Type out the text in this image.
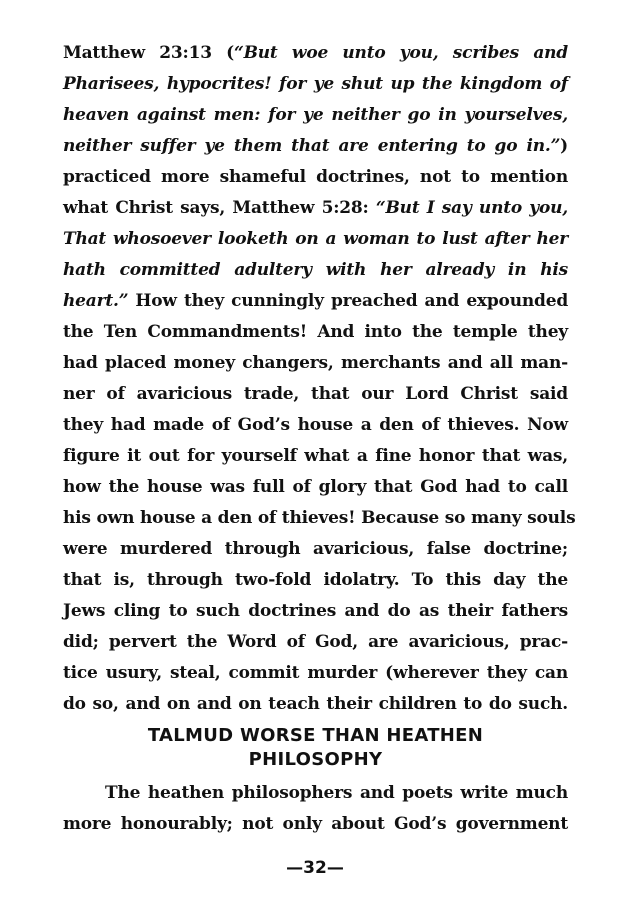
Matthew 23:13 (“But woe unto you, scribes and
Pharisees, hypocrites! for ye shut up the kingdom of
heaven against men: for ye neither go in yourselves,
neither suffer ye them that are entering to go in.”)
practiced more shameful doctrines, not to mention
what Christ says, Matthew 5:28: “But I say unto you,
That whosoever looketh on a woman to lust after her
hath committed adultery with her already in his
heart.” How they cunningly preached and expounded
the Ten Commandments! And into the temple they
had placed money changers, merchants and all man-
ner of avaricious trade, that our Lord Christ said
they had made of God’s house a den of thieves. Now
figure it out for yourself what a fine honor that was,
how the house was full of glory that God had to call
his own house a den of thieves! Because so many souls
were murdered through avaricious, false doctrine;
that is, through two-fold idolatry. To this day the
Jews cling to such doctrines and do as their fathers
did; pervert the Word of God, are avaricious, prac-
tice usury, steal, commit murder (wherever they can
do so, and on and on teach their children to do such.
TALMUD WORSE THAN HEATHEN
PHILOSOPHY
The heathen philosophers and poets write much
more honourably; not only about God’s government
—32—
